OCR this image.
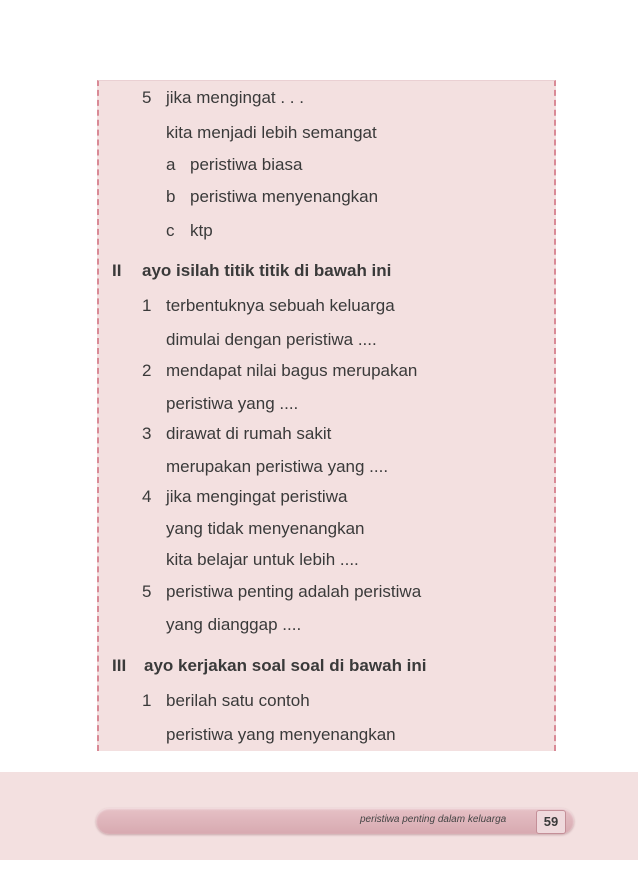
5 jika mengingat . . .
kita menjadi lebih semangat
a peristiwa biasa
b peristiwa menyenangkan
c ktp
II ayo isilah titik titik di bawah ini
1 terbentuknya sebuah keluarga
dimulai dengan peristiwa ....
2 mendapat nilai bagus merupakan
peristiwa yang ....
3 dirawat di rumah sakit
merupakan peristiwa yang ....
4 jika mengingat peristiwa
yang tidak menyenangkan
kita belajar untuk lebih ....
5 peristiwa penting adalah peristiwa
yang dianggap ....
III ayo kerjakan soal soal di bawah ini
1 berilah satu contoh
peristiwa yang menyenangkan
peristiwa penting dalam keluarga	59
